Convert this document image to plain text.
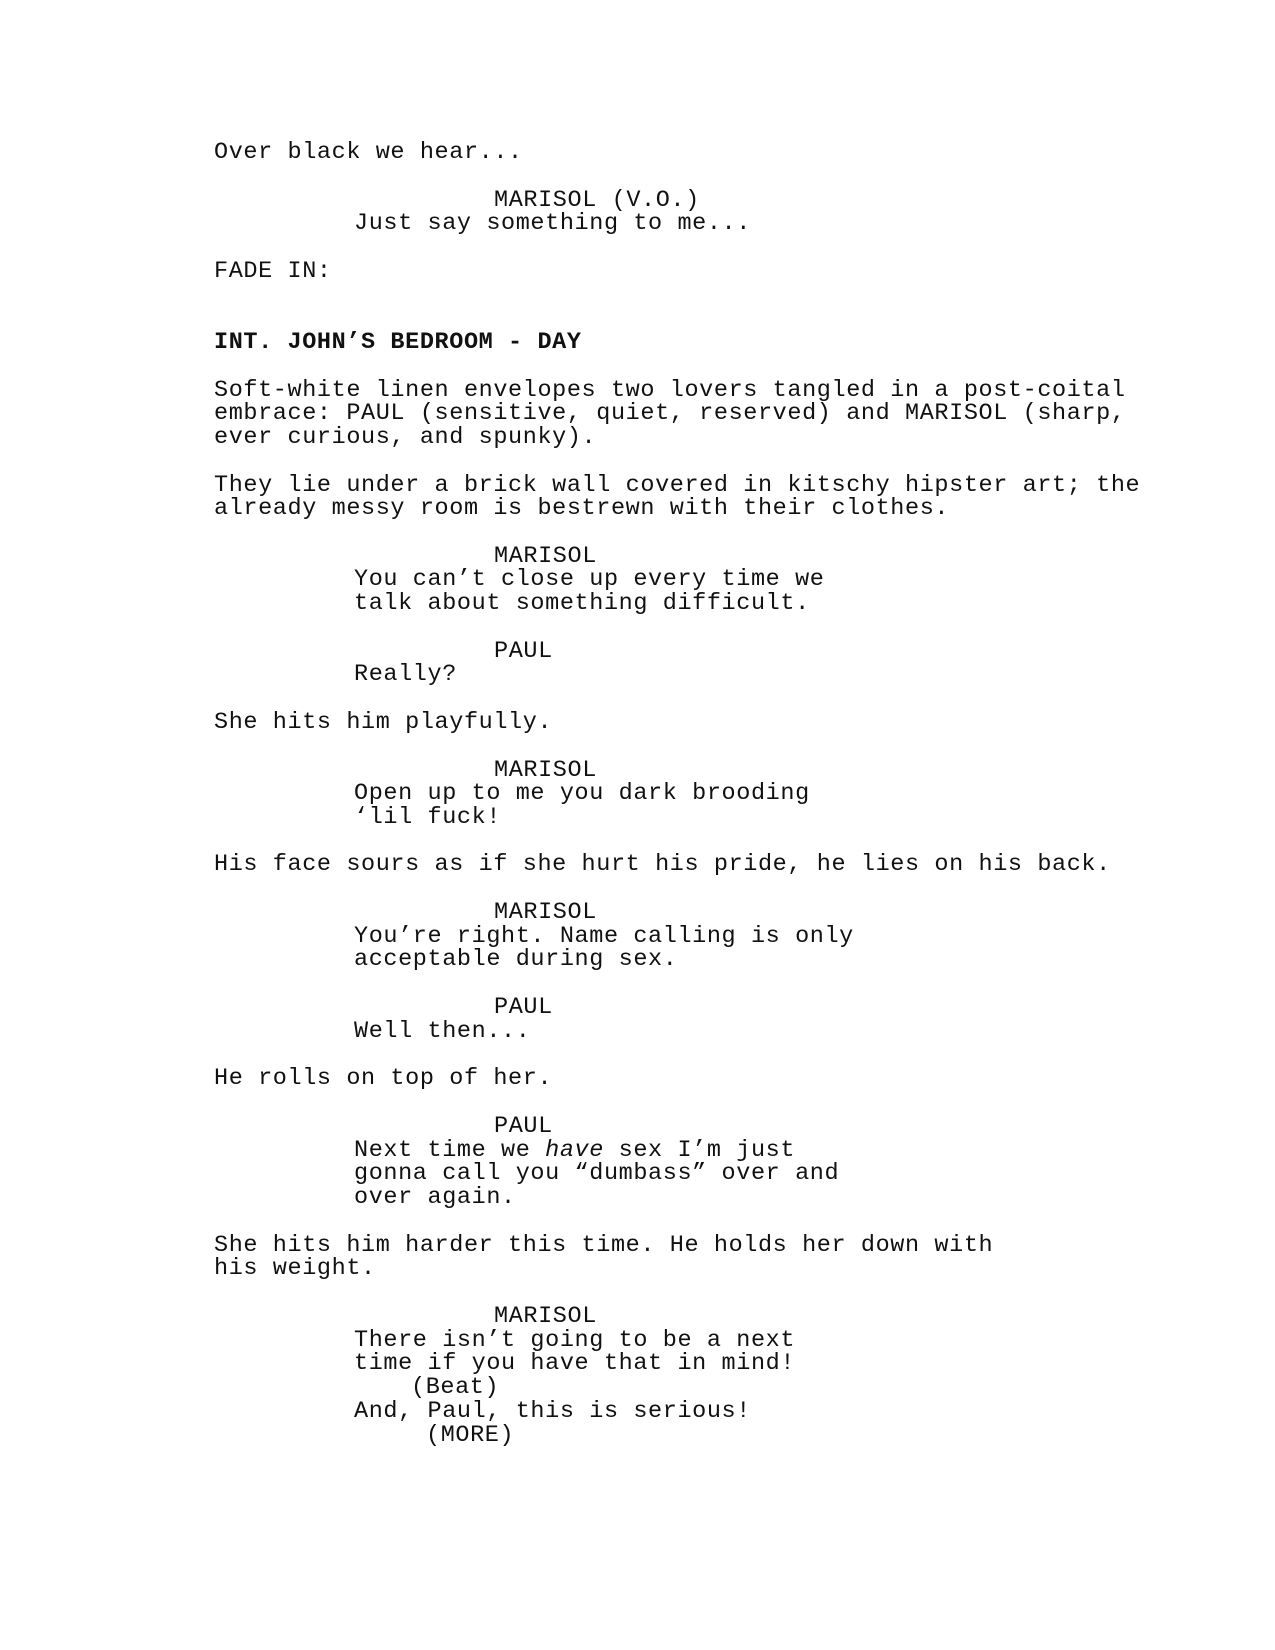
Over black we hear...

MARISOL (V.O.)

Just say something to me...

FADE IN:

INT. JOHN’S BEDROOM - DAY

Soft-white linen envelopes two lovers tangled in a post-coital

embrace: PAUL (sensitive, quiet, reserved) and MARISOL (sharp,

ever curious, and spunky).

They lie under a brick wall covered in kitschy hipster art; the

already messy room is bestrewn with their clothes.

MARISOL

You can’t close up every time we

talk about something difficult.

PAUL

Really?

She hits him playfully.

MARISOL

Open up to me you dark brooding

‘lil fuck!

His face sours as if she hurt his pride, he lies on his back.

MARISOL

You’re right. Name calling is only

acceptable during sex.

PAUL

Well then...

He rolls on top of her.

PAUL

Next time we have sex I’m just

gonna call you “dumbass” over and

over again.

She hits him harder this time. He holds her down with

his weight.

MARISOL

There isn’t going to be a next

time if you have that in mind!

(Beat)

And, Paul, this is serious!

(MORE)
